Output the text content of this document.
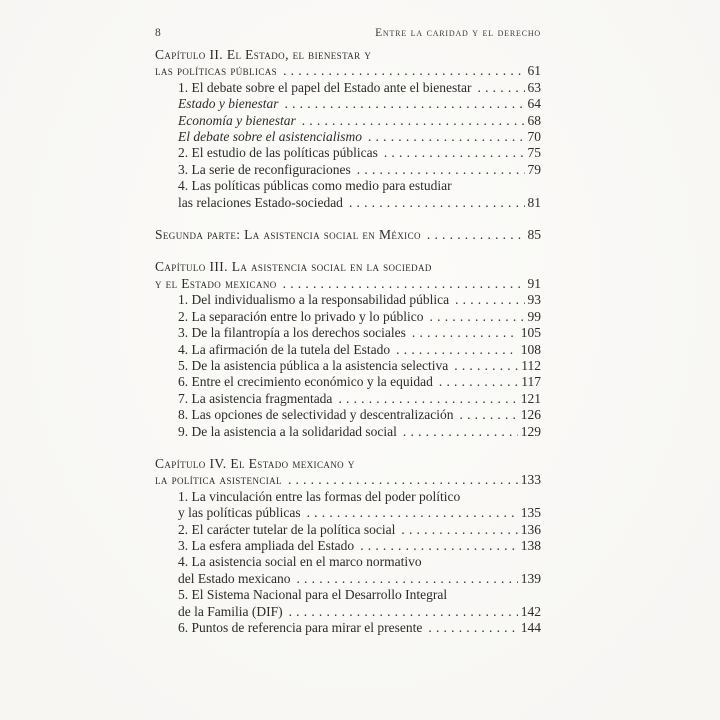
8	Entre la caridad y el derecho
Capítulo II. El Estado, el bienestar y
las políticas públicas .....	61
1. El debate sobre el papel del Estado ante el bienestar .....	63
Estado y bienestar .....	64
Economía y bienestar .....	68
El debate sobre el asistencialismo .....	70
2. El estudio de las políticas públicas .....	75
3. La serie de reconfiguraciones .....	79
4. Las políticas públicas como medio para estudiar
las relaciones Estado-sociedad .....	81
Segunda parte: La asistencia social en México .....	85
Capítulo III. La asistencia social en la sociedad
y el Estado mexicano .....	91
1. Del individualismo a la responsabilidad pública .....	93
2. La separación entre lo privado y lo público .....	99
3. De la filantropía a los derechos sociales .....	105
4. La afirmación de la tutela del Estado .....	108
5. De la asistencia pública a la asistencia selectiva .....	112
6. Entre el crecimiento económico y la equidad .....	117
7. La asistencia fragmentada .....	121
8. Las opciones de selectividad y descentralización .....	126
9. De la asistencia a la solidaridad social .....	129
Capítulo IV. El Estado mexicano y
la política asistencial .....	133
1. La vinculación entre las formas del poder político
y las políticas públicas .....	135
2. El carácter tutelar de la política social .....	136
3. La esfera ampliada del Estado .....	138
4. La asistencia social en el marco normativo
del Estado mexicano .....	139
5. El Sistema Nacional para el Desarrollo Integral
de la Familia (DIF) .....	142
6. Puntos de referencia para mirar el presente .....	144
